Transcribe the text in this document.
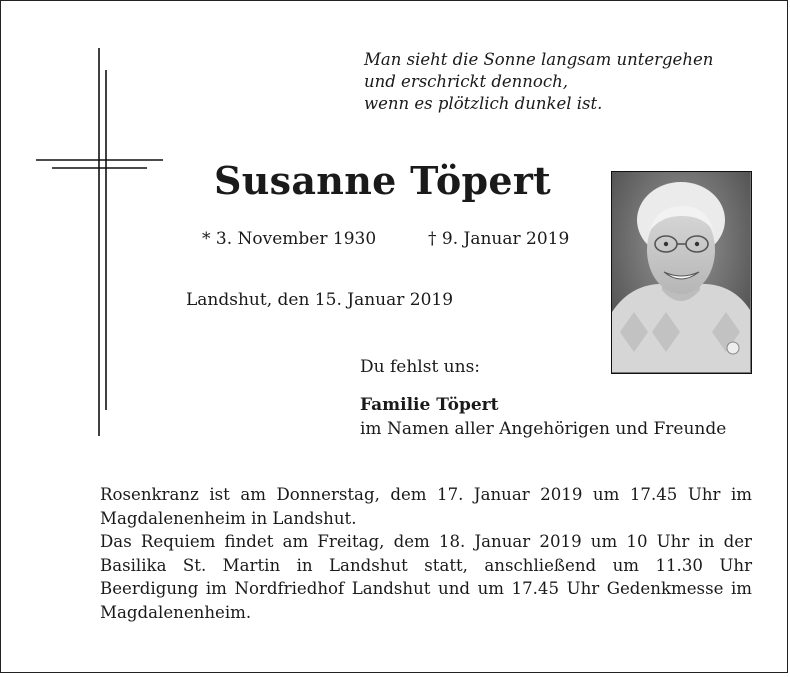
Man sieht die Sonne langsam untergehen
und erschrickt dennoch,
wenn es plötzlich dunkel ist.
Susanne Töpert
* 3. November 1930	† 9. Januar 2019
Landshut, den 15. Januar 2019
Du fehlst uns:
Familie Töpert
im Namen aller Angehörigen und Freunde

Rosenkranz ist am Donnerstag, dem 17. Januar 2019 um 17.45 Uhr im Magdalenenheim in Landshut.

Das Requiem findet am Freitag, dem 18. Januar 2019 um 10 Uhr in der Basilika St. Martin in Landshut statt, anschließend um 11.30 Uhr Beerdigung im Nordfriedhof Landshut und um 17.45 Uhr Gedenkmesse im Magdalenenheim.
